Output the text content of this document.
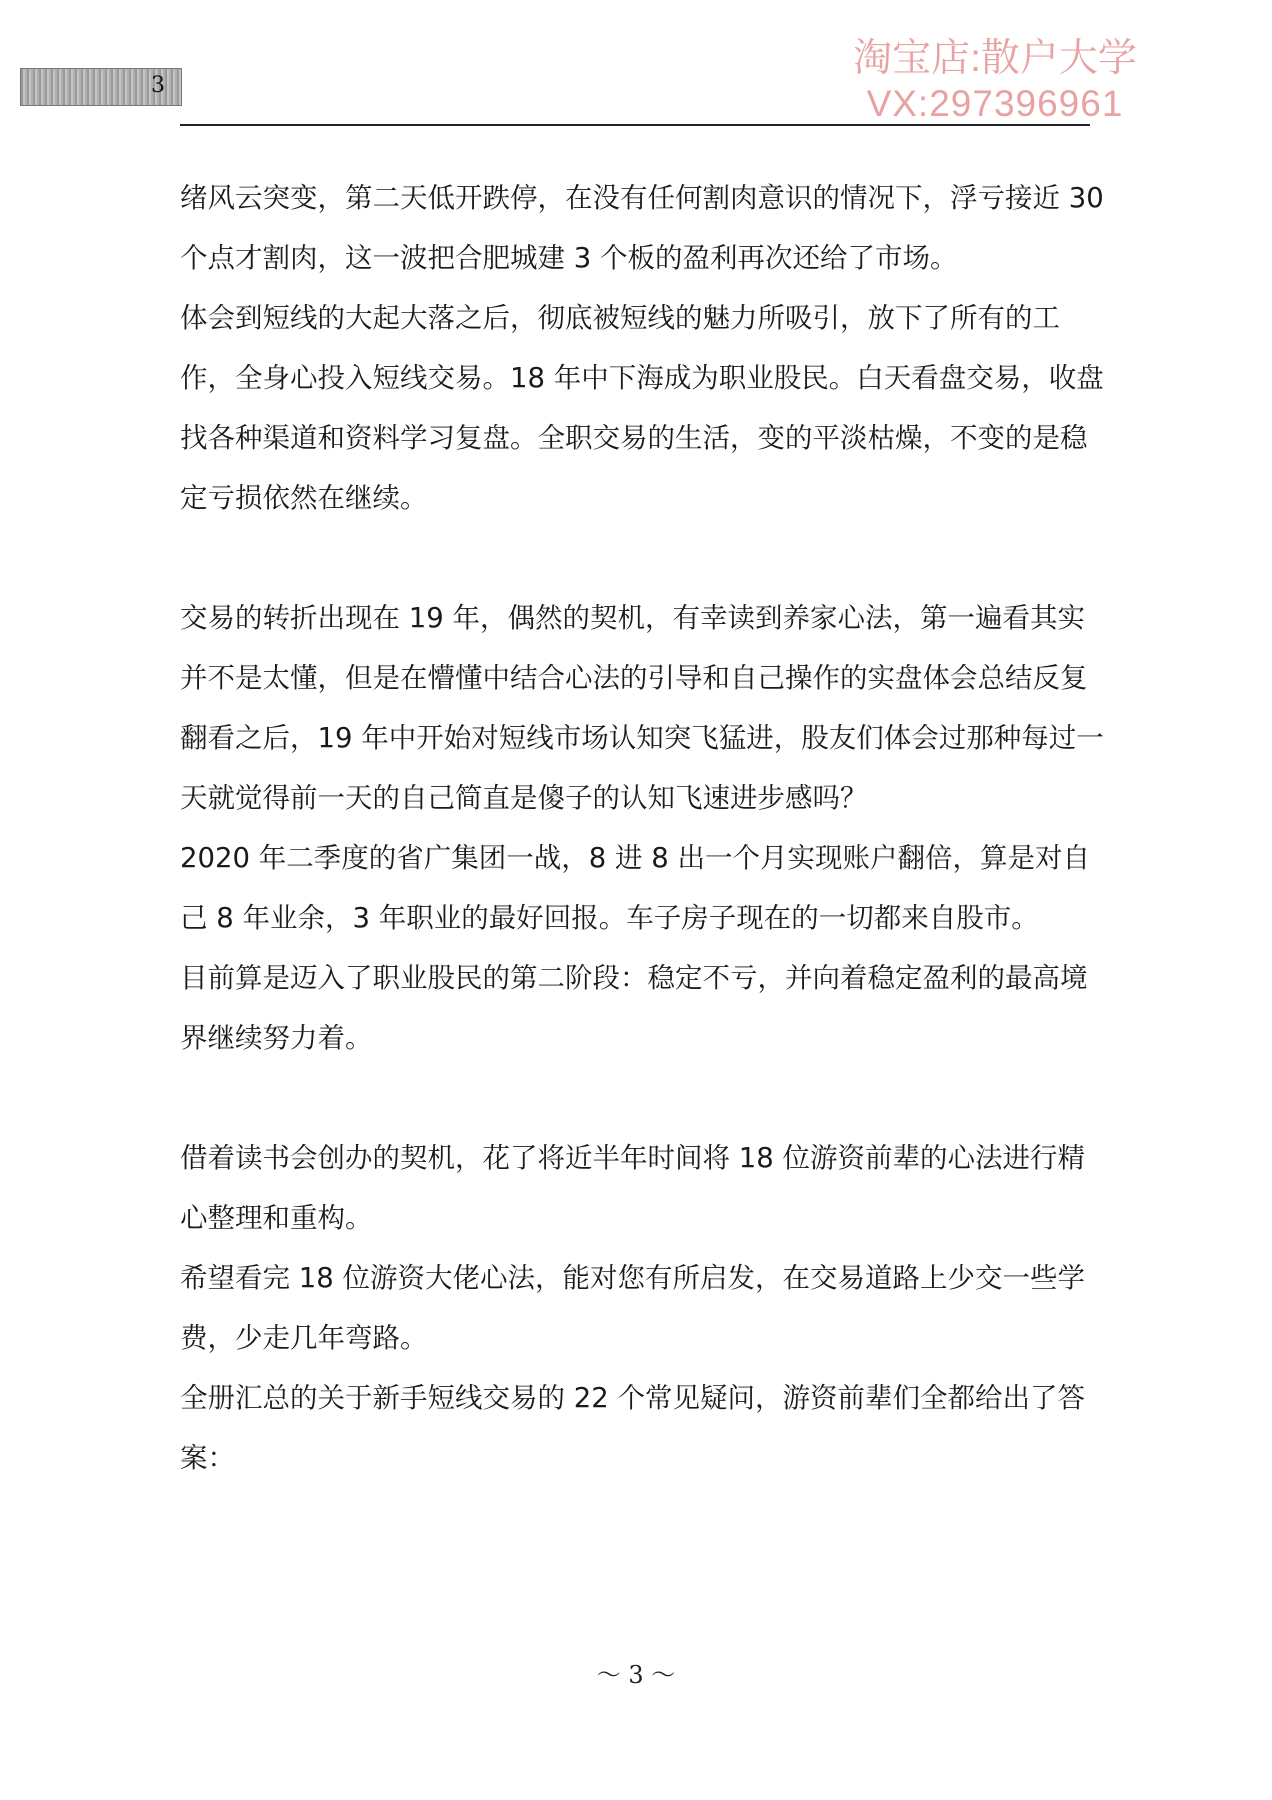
3
淘宝店:散户大学
VX:297396961

绪风云突变，第二天低开跌停，在没有任何割肉意识的情况下，浮亏接近 30 个点才割肉，这一波把合肥城建 3 个板的盈利再次还给了市场。

体会到短线的大起大落之后，彻底被短线的魅力所吸引，放下了所有的工作，全身心投入短线交易。18 年中下海成为职业股民。白天看盘交易，收盘找各种渠道和资料学习复盘。全职交易的生活，变的平淡枯燥，不变的是稳定亏损依然在继续。

交易的转折出现在 19 年，偶然的契机，有幸读到养家心法，第一遍看其实并不是太懂，但是在懵懂中结合心法的引导和自己操作的实盘体会总结反复翻看之后，19 年中开始对短线市场认知突飞猛进，股友们体会过那种每过一天就觉得前一天的自己简直是傻子的认知飞速进步感吗？

2020 年二季度的省广集团一战，8 进 8 出一个月实现账户翻倍，算是对自己 8 年业余，3 年职业的最好回报。车子房子现在的一切都来自股市。

目前算是迈入了职业股民的第二阶段：稳定不亏，并向着稳定盈利的最高境界继续努力着。

借着读书会创办的契机，花了将近半年时间将 18 位游资前辈的心法进行精心整理和重构。

希望看完 18 位游资大佬心法，能对您有所启发，在交易道路上少交一些学费，少走几年弯路。

全册汇总的关于新手短线交易的 22 个常见疑问，游资前辈们全都给出了答案：

～ 3 ～
